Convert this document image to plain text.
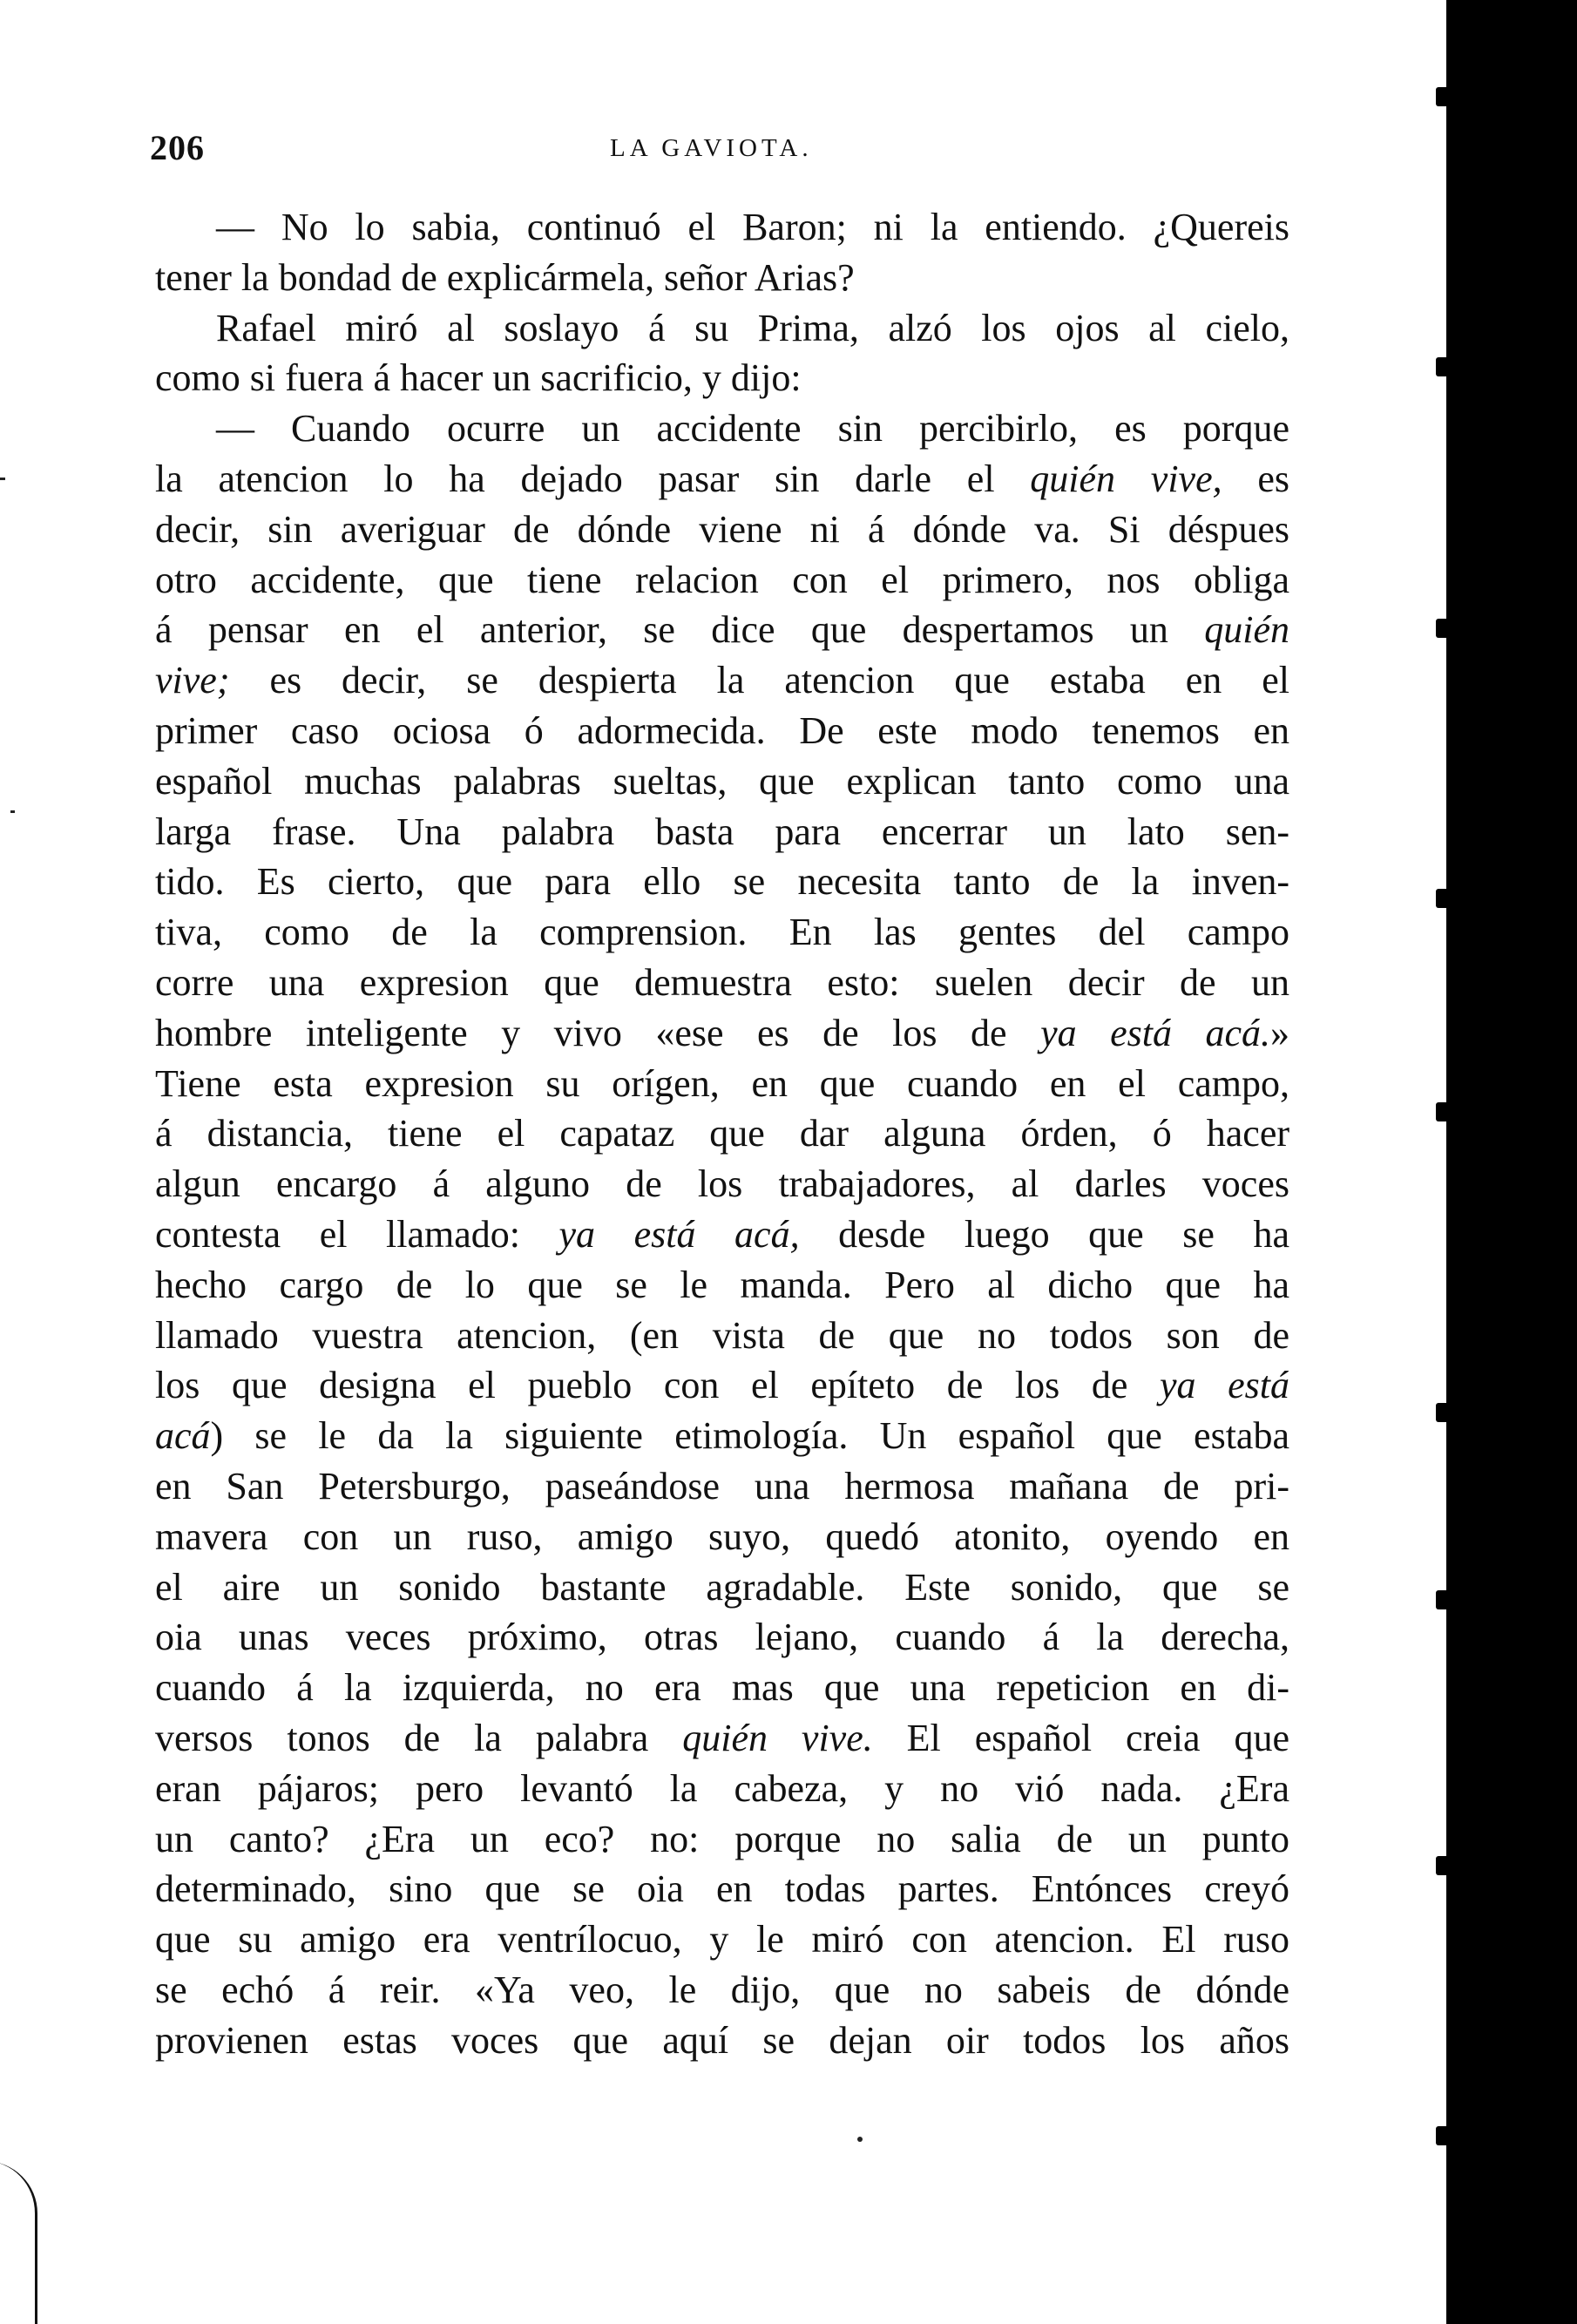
206	LA GAVIOTA.
— No lo sabia, continuó el Baron; ni la entiendo. ¿Quereis
tener la bondad de explicármela, señor Arias?
Rafael miró al soslayo á su Prima, alzó los ojos al cielo,
como si fuera á hacer un sacrificio, y dijo:
— Cuando ocurre un accidente sin percibirlo, es porque
la atencion lo ha dejado pasar sin darle el quién vive, es
decir, sin averiguar de dónde viene ni á dónde va. Si déspues
otro accidente, que tiene relacion con el primero, nos obliga
á pensar en el anterior, se dice que despertamos un quién
vive; es decir, se despierta la atencion que estaba en el
primer caso ociosa ó adormecida. De este modo tenemos en
español muchas palabras sueltas, que explican tanto como una
larga frase. Una palabra basta para encerrar un lato sen-
tido. Es cierto, que para ello se necesita tanto de la inven-
tiva, como de la comprension. En las gentes del campo
corre una expresion que demuestra esto: suelen decir de un
hombre inteligente y vivo «ese es de los de ya está acá.»
Tiene esta expresion su orígen, en que cuando en el campo,
á distancia, tiene el capataz que dar alguna órden, ó hacer
algun encargo á alguno de los trabajadores, al darles voces
contesta el llamado: ya está acá, desde luego que se ha
hecho cargo de lo que se le manda. Pero al dicho que ha
llamado vuestra atencion, (en vista de que no todos son de
los que designa el pueblo con el epíteto de los de ya está
acá) se le da la siguiente etimología. Un español que estaba
en San Petersburgo, paseándose una hermosa mañana de pri-
mavera con un ruso, amigo suyo, quedó atonito, oyendo en
el aire un sonido bastante agradable. Este sonido, que se
oia unas veces próximo, otras lejano, cuando á la derecha,
cuando á la izquierda, no era mas que una repeticion en di-
versos tonos de la palabra quién vive. El español creia que
eran pájaros; pero levantó la cabeza, y no vió nada. ¿Era
un canto? ¿Era un eco? no: porque no salia de un punto
determinado, sino que se oia en todas partes. Entónces creyó
que su amigo era ventrílocuo, y le miró con atencion. El ruso
se echó á reir. «Ya veo, le dijo, que no sabeis de dónde
provienen estas voces que aquí se dejan oir todos los años
